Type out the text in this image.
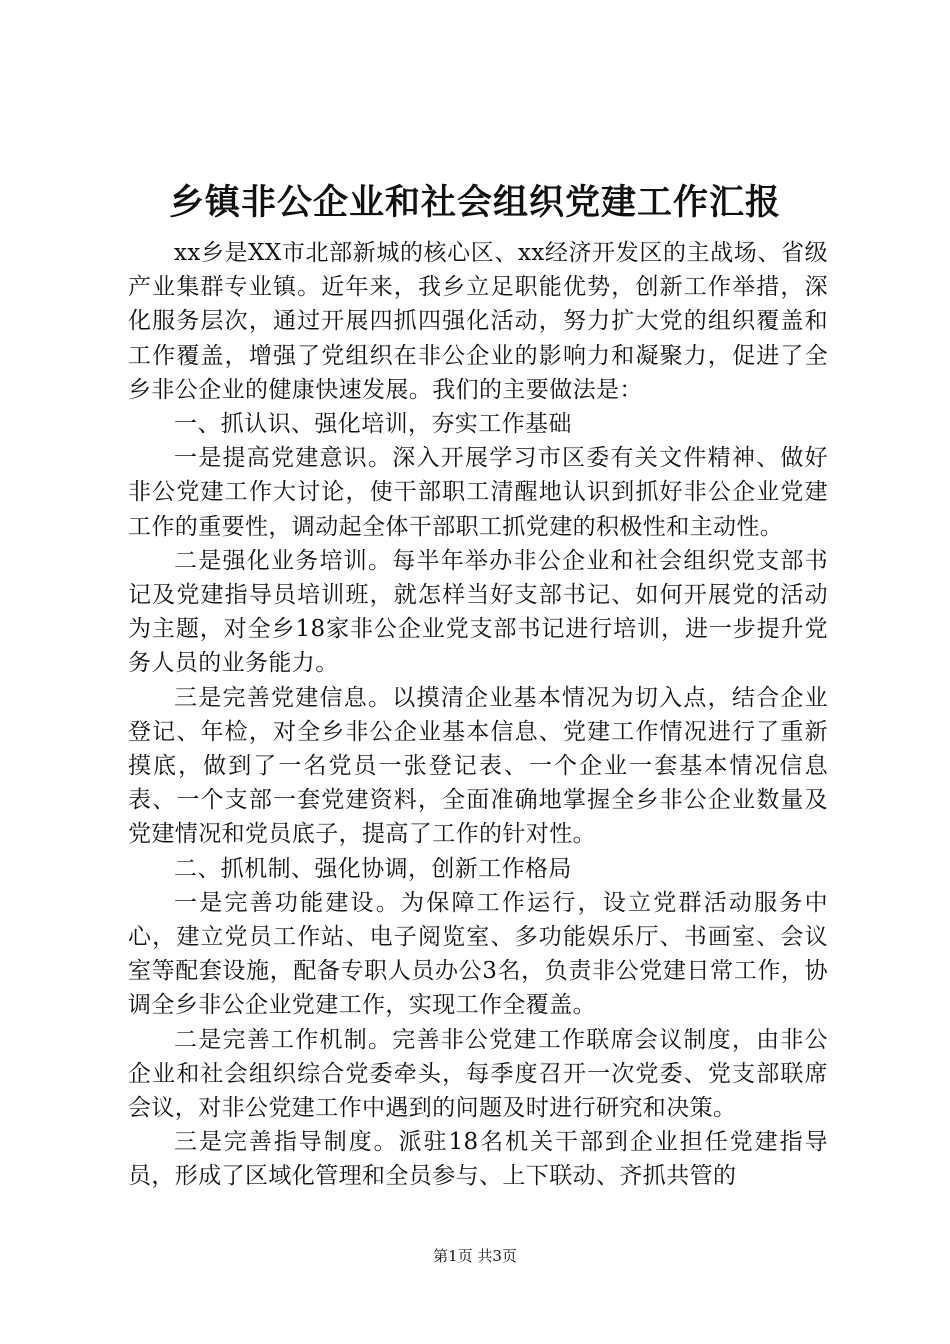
乡镇非公企业和社会组织党建工作汇报

xx乡是XX市北部新城的核心区、xx经济开发区的主战场、省级产业集群专业镇。近年来，我乡立足职能优势，创新工作举措，深化服务层次，通过开展四抓四强化活动，努力扩大党的组织覆盖和工作覆盖，增强了党组织在非公企业的影响力和凝聚力，促进了全乡非公企业的健康快速发展。我们的主要做法是：

一、抓认识、强化培训，夯实工作基础

一是提高党建意识。深入开展学习市区委有关文件精神、做好非公党建工作大讨论，使干部职工清醒地认识到抓好非公企业党建工作的重要性，调动起全体干部职工抓党建的积极性和主动性。

二是强化业务培训。每半年举办非公企业和社会组织党支部书记及党建指导员培训班，就怎样当好支部书记、如何开展党的活动为主题，对全乡18家非公企业党支部书记进行培训，进一步提升党务人员的业务能力。

三是完善党建信息。以摸清企业基本情况为切入点，结合企业登记、年检，对全乡非公企业基本信息、党建工作情况进行了重新摸底，做到了一名党员一张登记表、一个企业一套基本情况信息表、一个支部一套党建资料，全面准确地掌握全乡非公企业数量及党建情况和党员底子，提高了工作的针对性。

二、抓机制、强化协调，创新工作格局

一是完善功能建设。为保障工作运行，设立党群活动服务中心，建立党员工作站、电子阅览室、多功能娱乐厅、书画室、会议室等配套设施，配备专职人员办公3名，负责非公党建日常工作，协调全乡非公企业党建工作，实现工作全覆盖。

二是完善工作机制。完善非公党建工作联席会议制度，由非公企业和社会组织综合党委牵头，每季度召开一次党委、党支部联席会议，对非公党建工作中遇到的问题及时进行研究和决策。

三是完善指导制度。派驻18名机关干部到企业担任党建指导员，形成了区域化管理和全员参与、上下联动、齐抓共管的

第1页 共3页
